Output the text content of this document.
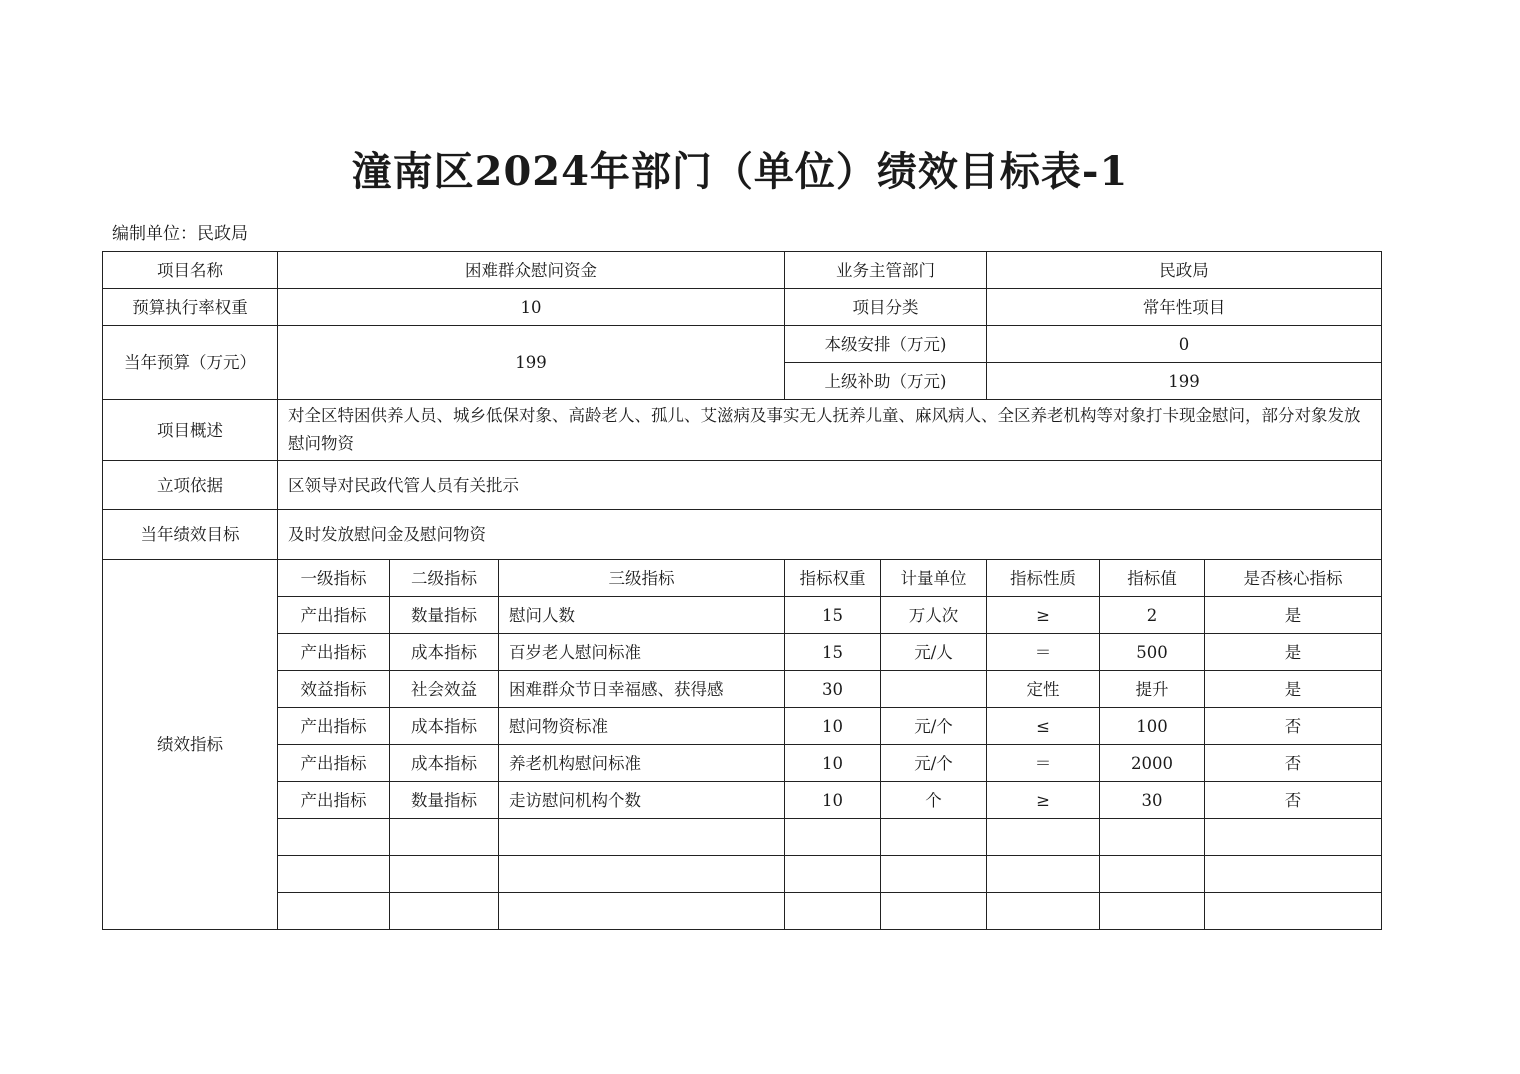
潼南区2024年部门（单位）绩效目标表-1
编制单位：民政局
项目名称	困难群众慰问资金			业务主管部门		民政局		
预算执行率权重	10			项目分类		常年性项目		
当年预算（万元）	199			本级安排（万元)		0		
				上级补助（万元)		199		
项目概述	对全区特困供养人员、城乡低保对象、高龄老人、孤儿、艾滋病及事实无人抚养儿童、麻风病人、全区养老机构等对象打卡现金慰问，部分对象发放慰问物资							
立项依据	区领导对民政代管人员有关批示							
当年绩效目标	及时发放慰问金及慰问物资							
绩效指标	一级指标	二级指标	三级指标	指标权重	计量单位	指标性质	指标值	是否核心指标
	产出指标	数量指标	慰问人数	15	万人次	≥	2	是
	产出指标	成本指标	百岁老人慰问标准	15	元/人	＝	500	是
	效益指标	社会效益	困难群众节日幸福感、获得感	30		定性	提升	是
	产出指标	成本指标	慰问物资标准	10	元/个	≤	100	否
	产出指标	成本指标	养老机构慰问标准	10	元/个	＝	2000	否
	产出指标	数量指标	走访慰问机构个数	10	个	≥	30	否
